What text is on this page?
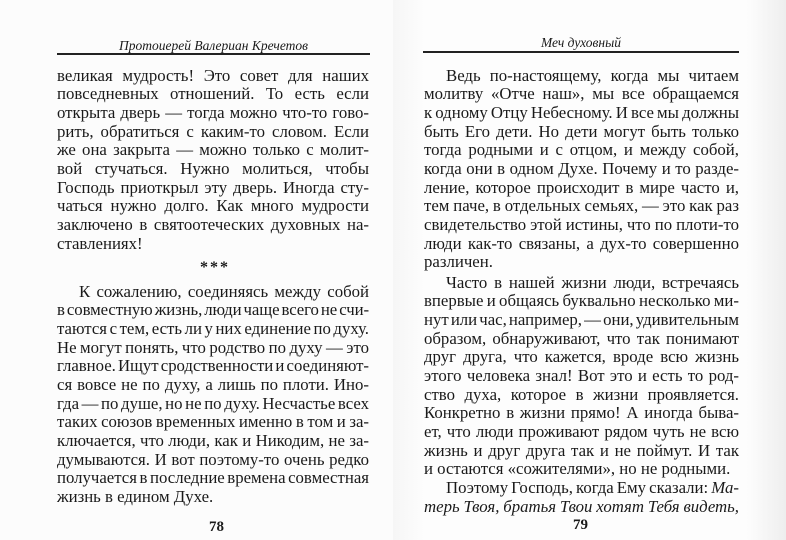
Протоиерей Валериан Кречетов
великая мудрость! Это совет для наших
повседневных отношений. То есть если
открыта дверь — тогда можно что-то гово-
рить, обратиться с каким-то словом. Если
же она закрыта — можно только с молит-
вой стучаться. Нужно молиться, чтобы
Господь приоткрыл эту дверь. Иногда сту-
чаться нужно долго. Как много мудрости
заключено в святоотеческих духовных на-
ставлениях!
***
К сожалению, соединяясь между собой
в совместную жизнь, люди чаще всего не счи-
таются с тем, есть ли у них единение по духу.
Не могут понять, что родство по духу — это
главное. Ищут сродственности и соединяют-
ся вовсе не по духу, а лишь по плоти. Ино-
гда — по душе, но не по духу. Несчастье всех
таких союзов временных именно в том и за-
ключается, что люди, как и Никодим, не за-
думываются. И вот поэтому-то очень редко
получается в последние времена совместная
жизнь в едином Духе.
78
Меч духовный
Ведь по-настоящему, когда мы читаем
молитву «Отче наш», мы все обращаемся
к одному Отцу Небесному. И все мы должны
быть Его дети. Но дети могут быть только
тогда родными и с отцом, и между собой,
когда они в одном Духе. Почему и то разде-
ление, которое происходит в мире часто и,
тем паче, в отдельных семьях, — это как раз
свидетельство этой истины, что по плоти-то
люди как-то связаны, а дух-то совершенно
различен.
Часто в нашей жизни люди, встречаясь
впервые и общаясь буквально несколько ми-
нут или час, например, — они, удивительным
образом, обнаруживают, что так понимают
друг друга, что кажется, вроде всю жизнь
этого человека знал! Вот это и есть то род-
ство духа, которое в жизни проявляется.
Конкретно в жизни прямо! А иногда быва-
ет, что люди проживают рядом чуть не всю
жизнь и друг друга так и не поймут. И так
и остаются «сожителями», но не родными.
Поэтому Господь, когда Ему сказали: Ма-
терь Твоя, братья Твои хотят Тебя видеть,
79
